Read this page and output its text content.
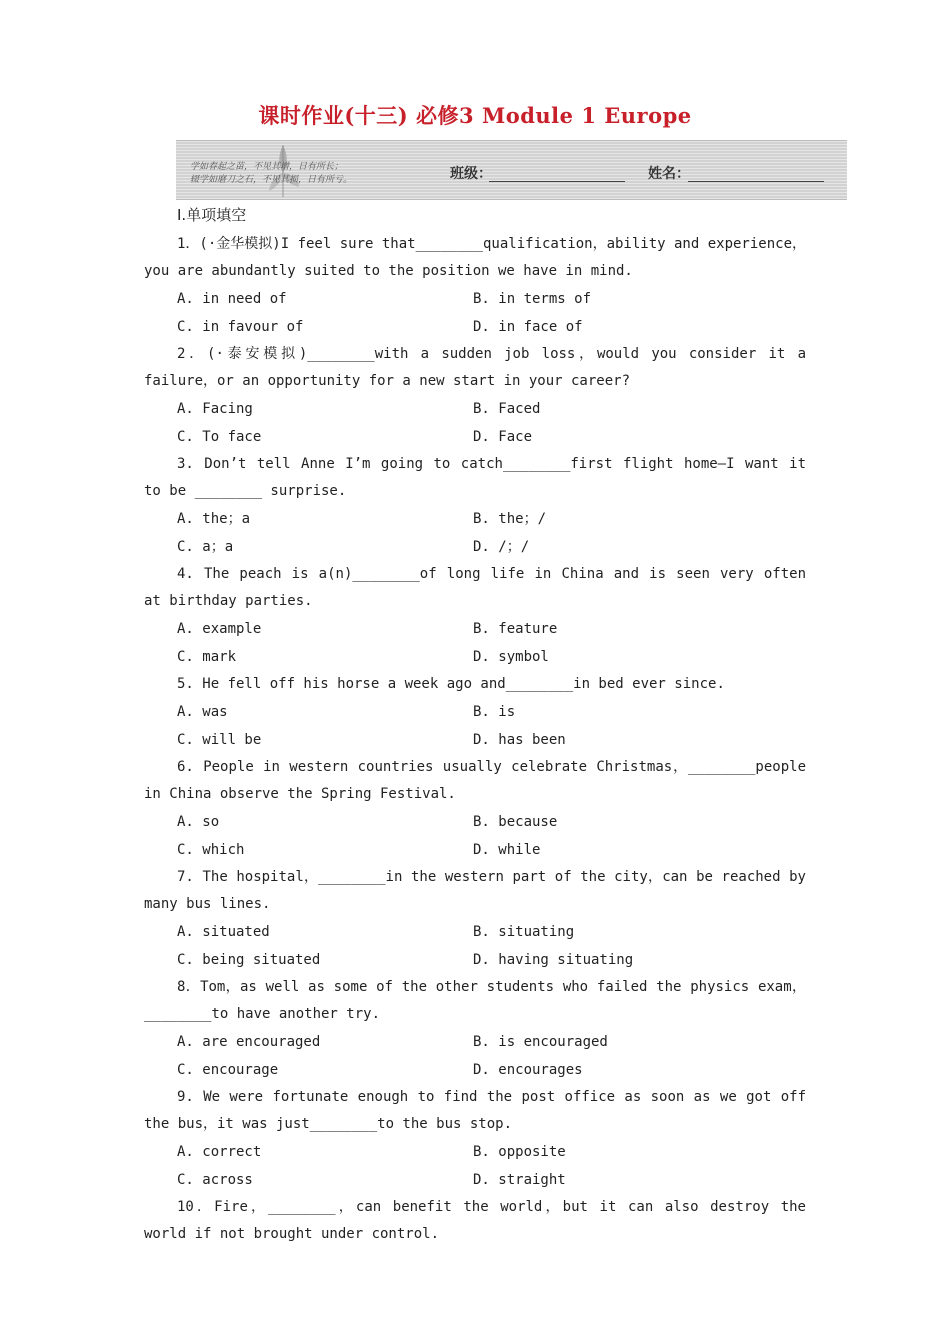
课时作业(十三) 必修3 Module 1 Europe
学如春起之苗，不见其增，日有所长；
辍学如磨刀之石，不见其损，日有所亏。	班级：	姓名：
Ⅰ.单项填空
1．(·金华模拟)I feel sure that________qualification，ability and experience，you are abundantly suited to the position we have in mind.
A. in need of	B. in terms of
C. in favour of	D. in face of
2．(·泰安模拟)________with a sudden job loss，would you consider it a failure，or an opportunity for a new start in your career?
A. Facing	B. Faced
C. To face	D. Face
3. Don’t tell Anne I’m going to catch________first flight home—I want it to be ________ surprise.
A. the；a	B. the；/
C. a；a	D. /；/
4. The peach is a(n)________of long life in China and is seen very often at birthday parties.
A. example	B. feature
C. mark	D. symbol
5. He fell off his horse a week ago and________in bed ever since.
A. was	B. is
C. will be	D. has been
6. People in western countries usually celebrate Christmas，________people in China observe the Spring Festival.
A. so	B. because
C. which	D. while
7. The hospital，________in the western part of the city，can be reached by many bus lines.
A. situated	B. situating
C. being situated	D. having situating
8．Tom，as well as some of the other students who failed the physics exam，________to have another try.
A. are encouraged	B. is encouraged
C. encourage	D. encourages
9. We were fortunate enough to find the post office as soon as we got off the bus，it was just________to the bus stop.
A. correct	B. opposite
C. across	D. straight
10．Fire，________，can benefit the world，but it can also destroy the world if not brought under control.
